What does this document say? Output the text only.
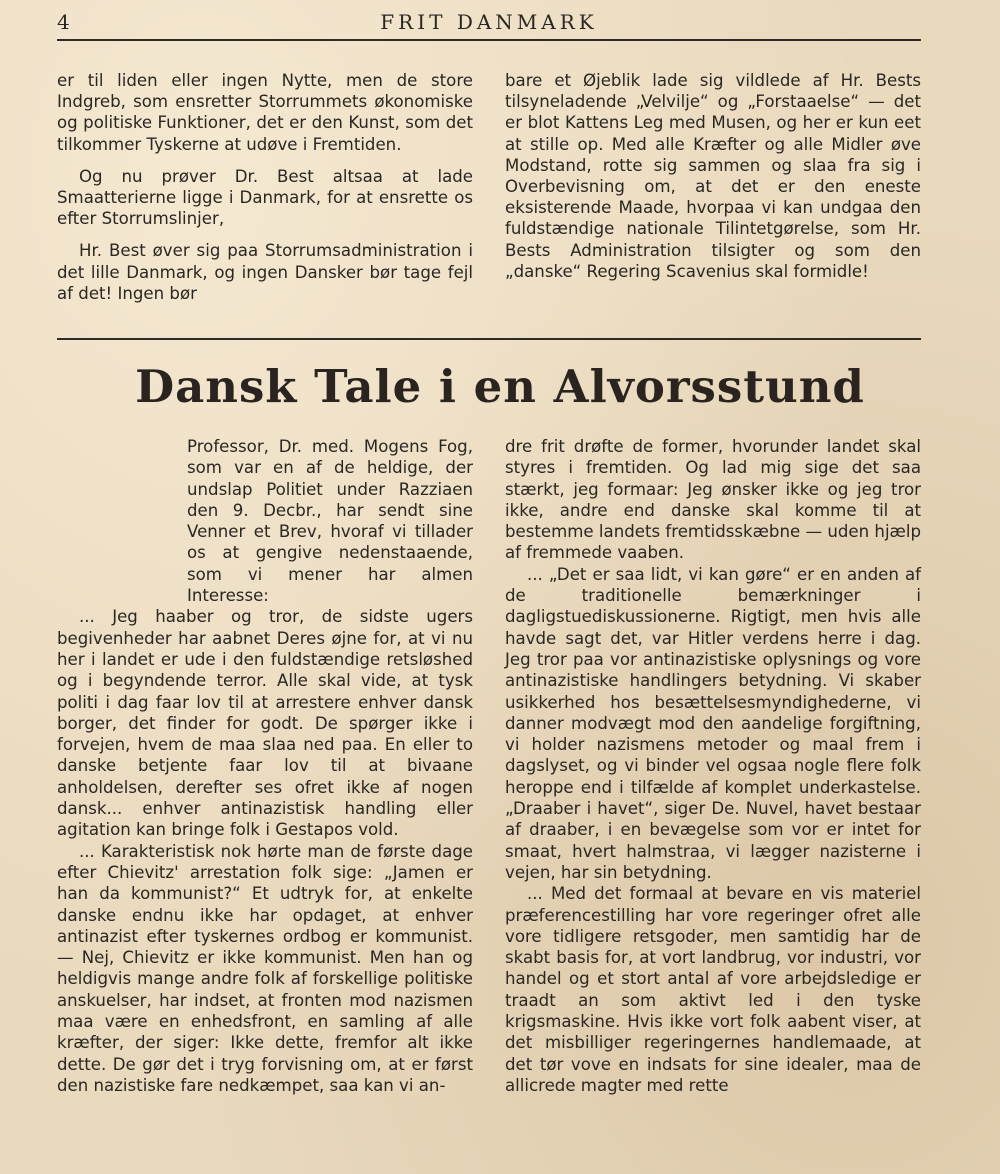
4	FRIT DANMARK

er til liden eller ingen Nytte, men de store Indgreb, som ensretter Storrummets økonomiske og politiske Funktioner, det er den Kunst, som det tilkommer Tyskerne at udøve i Fremtiden.

Og nu prøver Dr. Best altsaa at lade Smaatterierne ligge i Danmark, for at ensrette os efter Storrumslinjer,

Hr. Best øver sig paa Storrumsadministration i det lille Danmark, og ingen Dansker bør tage fejl af det! Ingen bør

bare et Øjeblik lade sig vildlede af Hr. Bests tilsyneladende „Velvilje“ og „Forstaaelse“ — det er blot Kattens Leg med Musen, og her er kun eet at stille op. Med alle Kræfter og alle Midler øve Modstand, rotte sig sammen og slaa fra sig i Overbevisning om, at det er den eneste eksisterende Maade, hvorpaa vi kan undgaa den fuldstændige nationale Tilintetgørelse, som Hr. Bests Administration tilsigter og som den „danske“ Regering Scavenius skal formidle!

Dansk Tale i en Alvorsstund

Professor, Dr. med. Mogens Fog, som var en af de heldige, der undslap Politiet under Razziaen den 9. Decbr., har sendt sine Venner et Brev, hvoraf vi tillader os at gengive nedenstaaende, som vi mener har almen Interesse:

... Jeg haaber og tror, de sidste ugers begivenheder har aabnet Deres øjne for, at vi nu her i landet er ude i den fuldstændige retsløshed og i begyndende terror. Alle skal vide, at tysk politi i dag faar lov til at arrestere enhver dansk borger, det finder for godt. De spørger ikke i forvejen, hvem de maa slaa ned paa. En eller to danske betjente faar lov til at bivaane anholdelsen, derefter ses ofret ikke af nogen dansk... enhver antinazistisk handling eller agitation kan bringe folk i Gestapos vold.

... Karakteristisk nok hørte man de første dage efter Chievitz' arrestation folk sige: „Jamen er han da kommunist?“ Et udtryk for, at enkelte danske endnu ikke har opdaget, at enhver antinazist efter tyskernes ordbog er kommunist. — Nej, Chievitz er ikke kommunist. Men han og heldigvis mange andre folk af forskellige politiske anskuelser, har indset, at fronten mod nazismen maa være en enhedsfront, en samling af alle kræfter, der siger: Ikke dette, fremfor alt ikke dette. De gør det i tryg forvisning om, at er først den nazistiske fare nedkæmpet, saa kan vi an-

dre frit drøfte de former, hvorunder landet skal styres i fremtiden. Og lad mig sige det saa stærkt, jeg formaar: Jeg ønsker ikke og jeg tror ikke, andre end danske skal komme til at bestemme landets fremtidsskæbne — uden hjælp af fremmede vaaben.

... „Det er saa lidt, vi kan gøre“ er en anden af de traditionelle bemærkninger i dagligstuediskussionerne. Rigtigt, men hvis alle havde sagt det, var Hitler verdens herre i dag. Jeg tror paa vor antinazistiske oplysnings og vore antinazistiske handlingers betydning. Vi skaber usikkerhed hos besættelsesmyndighederne, vi danner modvægt mod den aandelige forgiftning, vi holder nazismens metoder og maal frem i dagslyset, og vi binder vel ogsaa nogle flere folk heroppe end i tilfælde af komplet underkastelse. „Draaber i havet“, siger De. Nuvel, havet bestaar af draaber, i en bevægelse som vor er intet for smaat, hvert halmstraa, vi lægger nazisterne i vejen, har sin betydning.

... Med det formaal at bevare en vis materiel præferencestilling har vore regeringer ofret alle vore tidligere retsgoder, men samtidig har de skabt basis for, at vort landbrug, vor industri, vor handel og et stort antal af vore arbejdsledige er traadt an som aktivt led i den tyske krigsmaskine. Hvis ikke vort folk aabent viser, at det misbilliger regeringernes handlemaade, at det tør vove en indsats for sine idealer, maa de allicrede magter med rette
